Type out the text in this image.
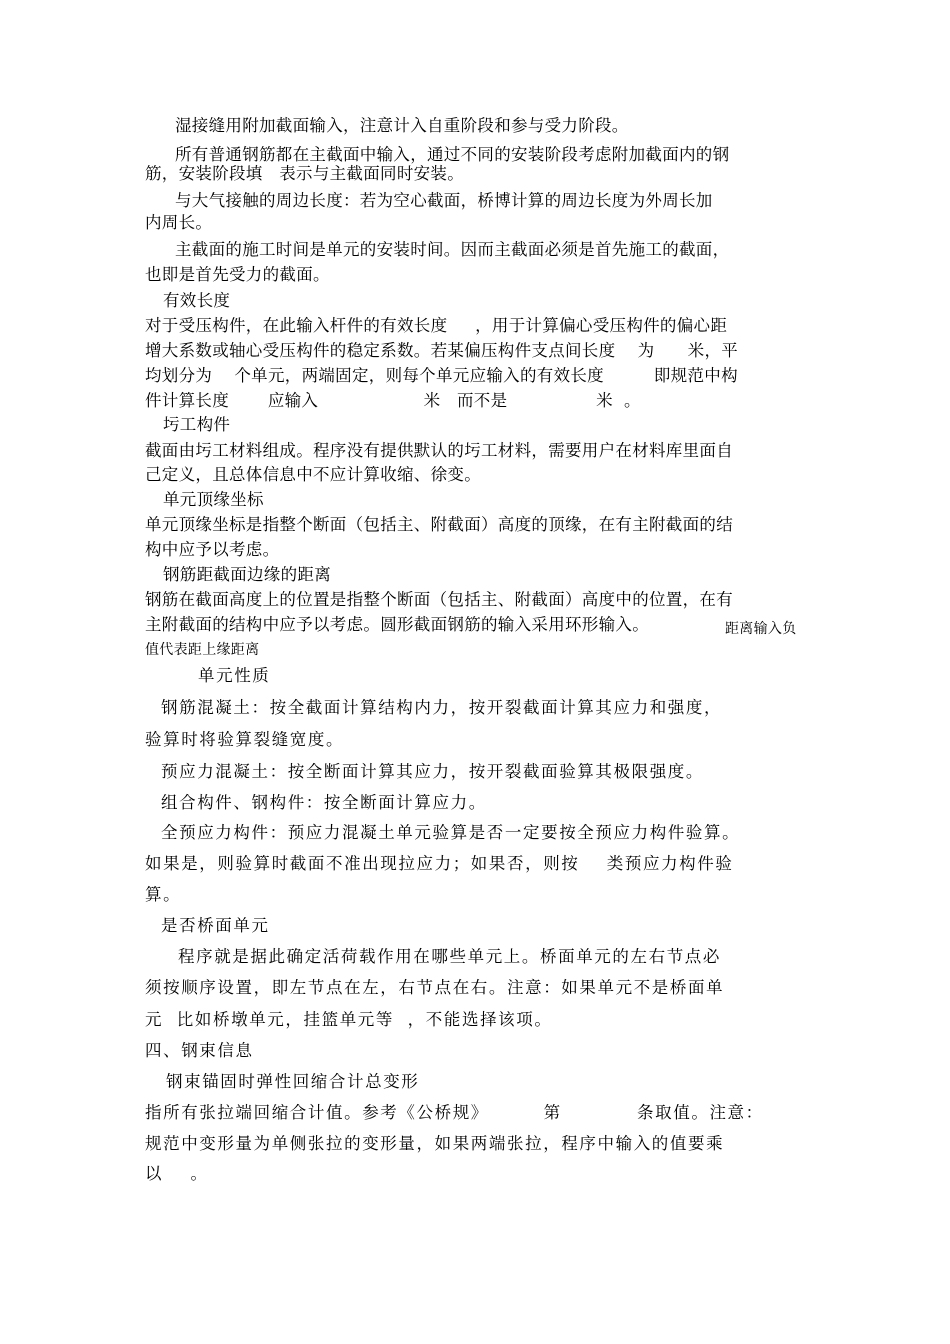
湿接缝用附加截面输入，注意计入自重阶段和参与受力阶段。
所有普通钢筋都在主截面中输入，通过不同的安装阶段考虑附加截面内的钢
筋，安装阶段填   表示与主截面同时安装。
与大气接触的周边长度：若为空心截面，桥博计算的周边长度为外周长加
内周长。
主截面的施工时间是单元的安装时间。因而主截面必须是首先施工的截面，
也即是首先受力的截面。
有效长度
对于受压构件，在此输入杆件的有效长度     ，用于计算偏心受压构件的偏心距
增大系数或轴心受压构件的稳定系数。若某偏压构件支点间长度    为      米，平
均划分为    个单元，两端固定，则每个单元应输入的有效长度         即规范中构
件计算长度       应输入                   米   而不是                米  。
圬工构件
截面由圬工材料组成。程序没有提供默认的圬工材料，需要用户在材料库里面自
己定义，且总体信息中不应计算收缩、徐变。
单元顶缘坐标
单元顶缘坐标是指整个断面（包括主、附截面）高度的顶缘，在有主附截面的结
构中应予以考虑。
钢筋距截面边缘的距离
钢筋在截面高度上的位置是指整个断面（包括主、附截面）高度中的位置，在有
主附截面的结构中应予以考虑。圆形截面钢筋的输入采用环形输入。	距离输入负
值代表距上缘距离
单元性质
钢筋混凝土：按全截面计算结构内力，按开裂截面计算其应力和强度，
验算时将验算裂缝宽度。
预应力混凝土：按全断面计算其应力，按开裂截面验算其极限强度。
组合构件、钢构件：按全断面计算应力。
全预应力构件：预应力混凝土单元验算是否一定要按全预应力构件验算。
如果是，则验算时截面不准出现拉应力；如果否，则按    类预应力构件验
算。
是否桥面单元
程序就是据此确定活荷载作用在哪些单元上。桥面单元的左右节点必
须按顺序设置，即左节点在左，右节点在右。注意：如果单元不是桥面单
元  比如桥墩单元，挂篮单元等  ，不能选择该项。
四、钢束信息
钢束锚固时弹性回缩合计总变形
指所有张拉端回缩合计值。参考《公桥规》        第           条取值。注意：
规范中变形量为单侧张拉的变形量，如果两端张拉，程序中输入的值要乘
以    。
